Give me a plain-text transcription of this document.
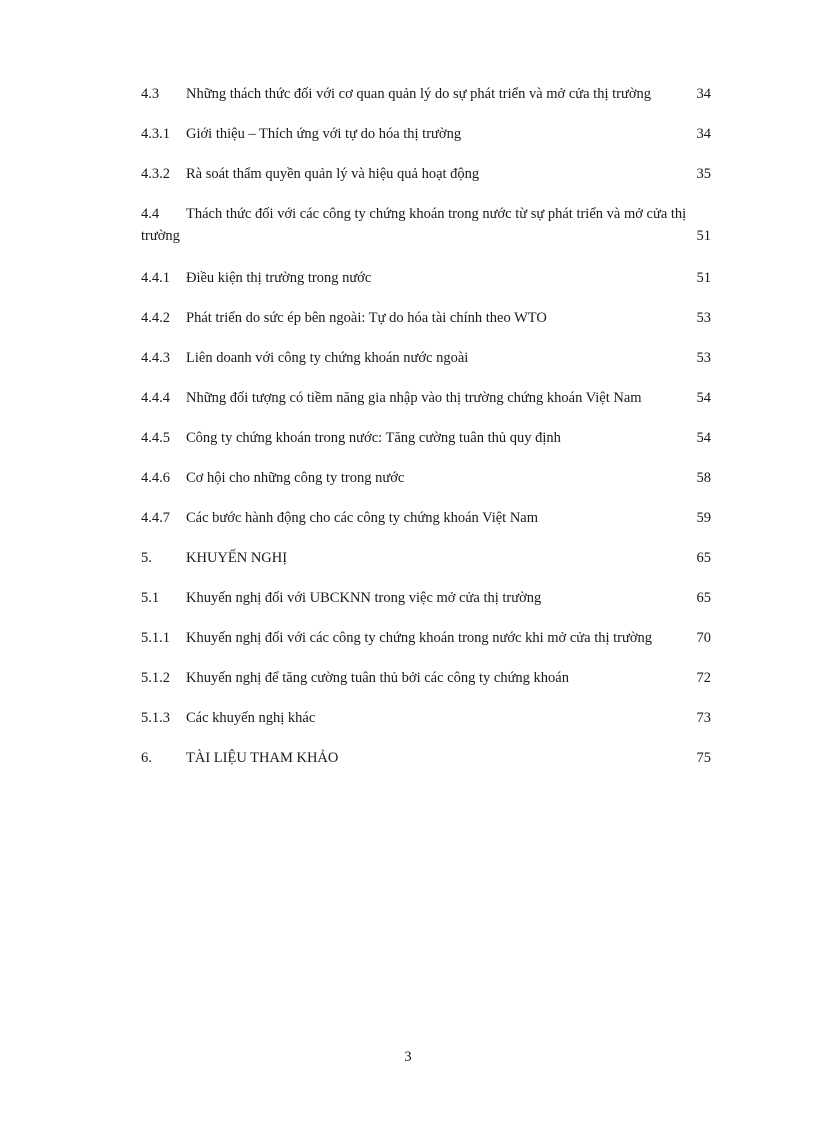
4.3 Những thách thức đối với cơ quan quản lý do sự phát triển và mở cửa thị trường	34
4.3.1 Giới thiệu – Thích ứng với tự do hóa thị trường	34
4.3.2 Rà soát thẩm quyền quản lý và hiệu quả hoạt động	35
4.4 Thách thức đối với các công ty chứng khoán trong nước từ sự phát triển và mở cửa thị
trường	51
4.4.1 Điều kiện thị trường trong nước	51
4.4.2 Phát triển do sức ép bên ngoài: Tự do hóa tài chính theo WTO	53
4.4.3 Liên doanh với công ty chứng khoán nước ngoài	53
4.4.4 Những đối tượng có tiềm năng gia nhập vào thị trường chứng khoán Việt Nam	54
4.4.5 Công ty chứng khoán trong nước: Tăng cường tuân thủ quy định	54
4.4.6 Cơ hội cho những công ty trong nước	58
4.4.7 Các bước hành động cho các công ty chứng khoán Việt Nam	59
5. KHUYẾN NGHỊ	65
5.1 Khuyến nghị đối với UBCKNN trong việc mở cửa thị trường	65
5.1.1 Khuyến nghị đối với các công ty chứng khoán trong nước khi mở cửa thị trường	70
5.1.2 Khuyến nghị để tăng cường tuân thủ bởi các công ty chứng khoán	72
5.1.3 Các khuyến nghị khác	73
6. TÀI LIỆU THAM KHẢO	75
3
